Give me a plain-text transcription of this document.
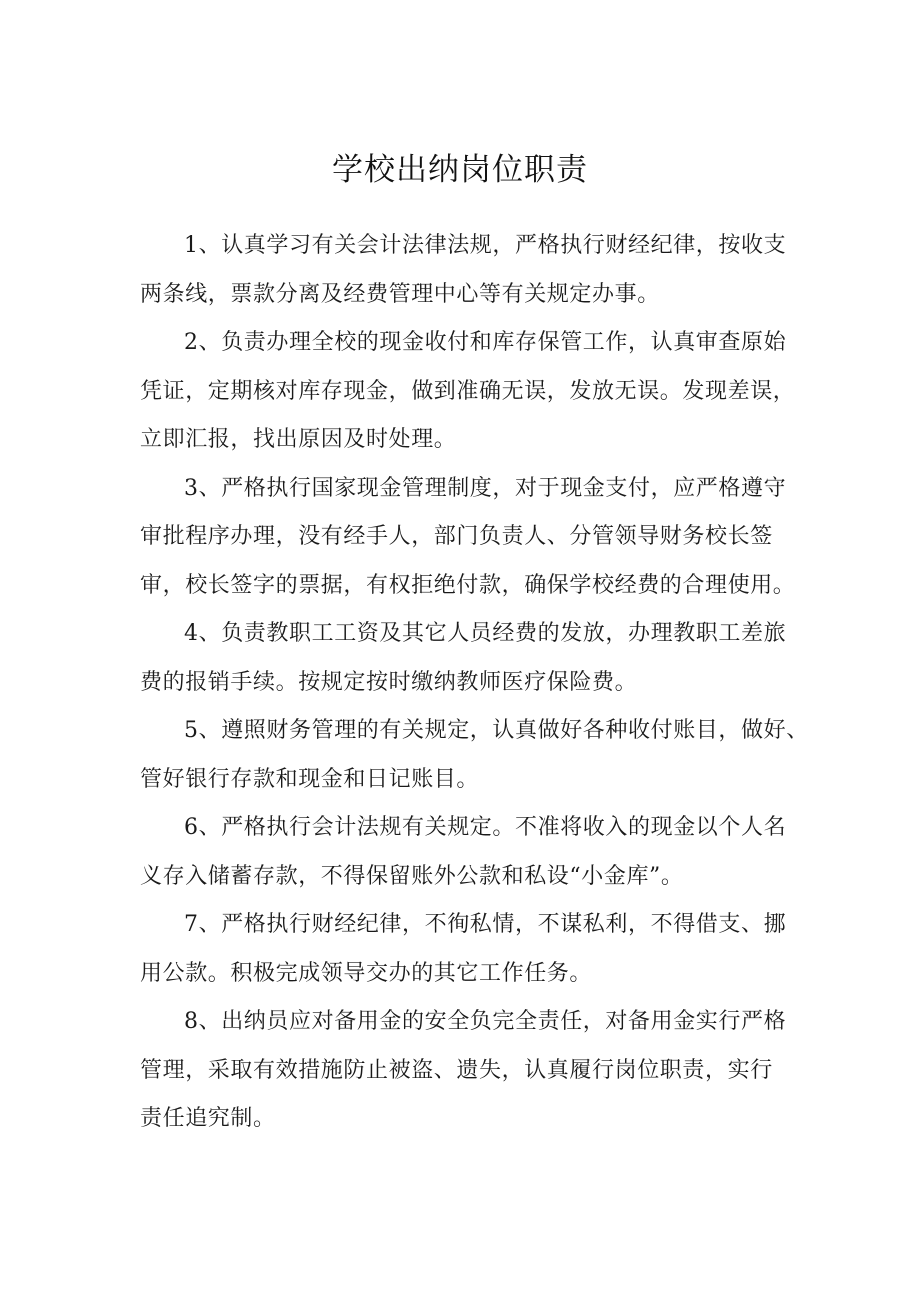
学校出纳岗位职责

1、认真学习有关会计法律法规，严格执行财经纪律，按收支
两条线，票款分离及经费管理中心等有关规定办事。

2、负责办理全校的现金收付和库存保管工作，认真审查原始
凭证，定期核对库存现金，做到准确无误，发放无误。发现差误，
立即汇报，找出原因及时处理。

3、严格执行国家现金管理制度，对于现金支付，应严格遵守
审批程序办理，没有经手人，部门负责人、分管领导财务校长签
审，校长签字的票据，有权拒绝付款，确保学校经费的合理使用。

4、负责教职工工资及其它人员经费的发放，办理教职工差旅
费的报销手续。按规定按时缴纳教师医疗保险费。

5、遵照财务管理的有关规定，认真做好各种收付账目，做好、
管好银行存款和现金和日记账目。

6、严格执行会计法规有关规定。不准将收入的现金以个人名
义存入储蓄存款，不得保留账外公款和私设“小金库”。

7、严格执行财经纪律，不徇私情，不谋私利，不得借支、挪
用公款。积极完成领导交办的其它工作任务。

8、出纳员应对备用金的安全负完全责任，对备用金实行严格
管理，采取有效措施防止被盗、遗失，认真履行岗位职责，实行
责任追究制。
